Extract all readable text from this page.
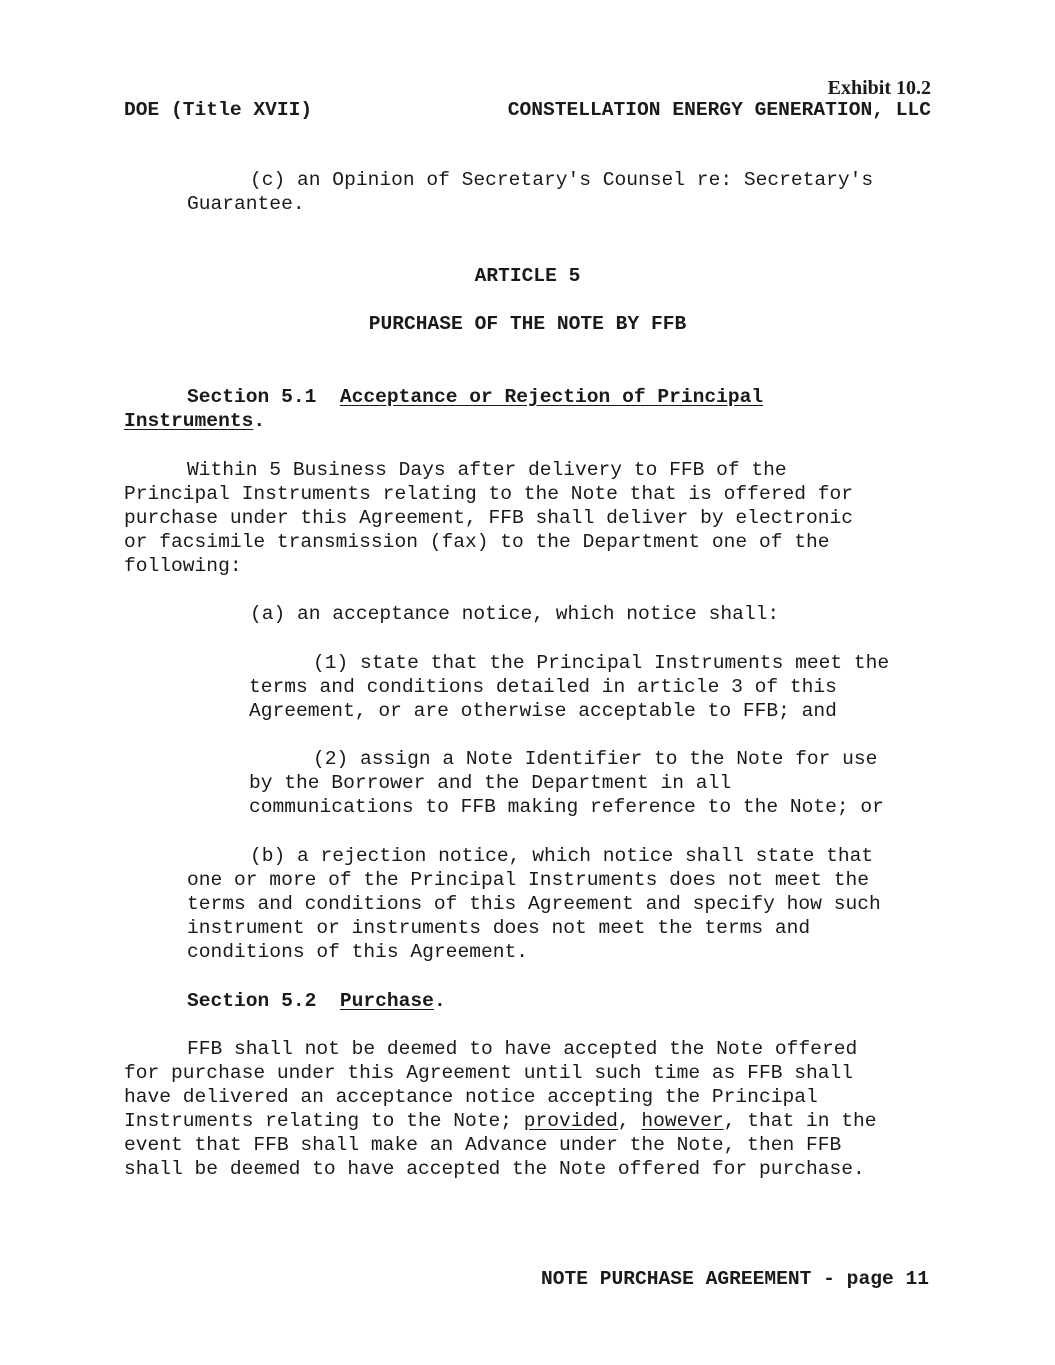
Exhibit 10.2
DOE (Title XVII)	CONSTELLATION ENERGY GENERATION, LLC
(c) an Opinion of Secretary's Counsel re: Secretary's
Guarantee.
ARTICLE 5
PURCHASE OF THE NOTE BY FFB
Section 5.1 Acceptance or Rejection of Principal
Instruments.
Within 5 Business Days after delivery to FFB of the
Principal Instruments relating to the Note that is offered for
purchase under this Agreement, FFB shall deliver by electronic
or facsimile transmission (fax) to the Department one of the
following:
(a) an acceptance notice, which notice shall:
(1) state that the Principal Instruments meet the
terms and conditions detailed in article 3 of this
Agreement, or are otherwise acceptable to FFB; and
(2) assign a Note Identifier to the Note for use
by the Borrower and the Department in all
communications to FFB making reference to the Note; or
(b) a rejection notice, which notice shall state that
one or more of the Principal Instruments does not meet the
terms and conditions of this Agreement and specify how such
instrument or instruments does not meet the terms and
conditions of this Agreement.
Section 5.2 Purchase.
FFB shall not be deemed to have accepted the Note offered
for purchase under this Agreement until such time as FFB shall
have delivered an acceptance notice accepting the Principal
Instruments relating to the Note; provided, however, that in the
event that FFB shall make an Advance under the Note, then FFB
shall be deemed to have accepted the Note offered for purchase.
NOTE PURCHASE AGREEMENT - page 11
